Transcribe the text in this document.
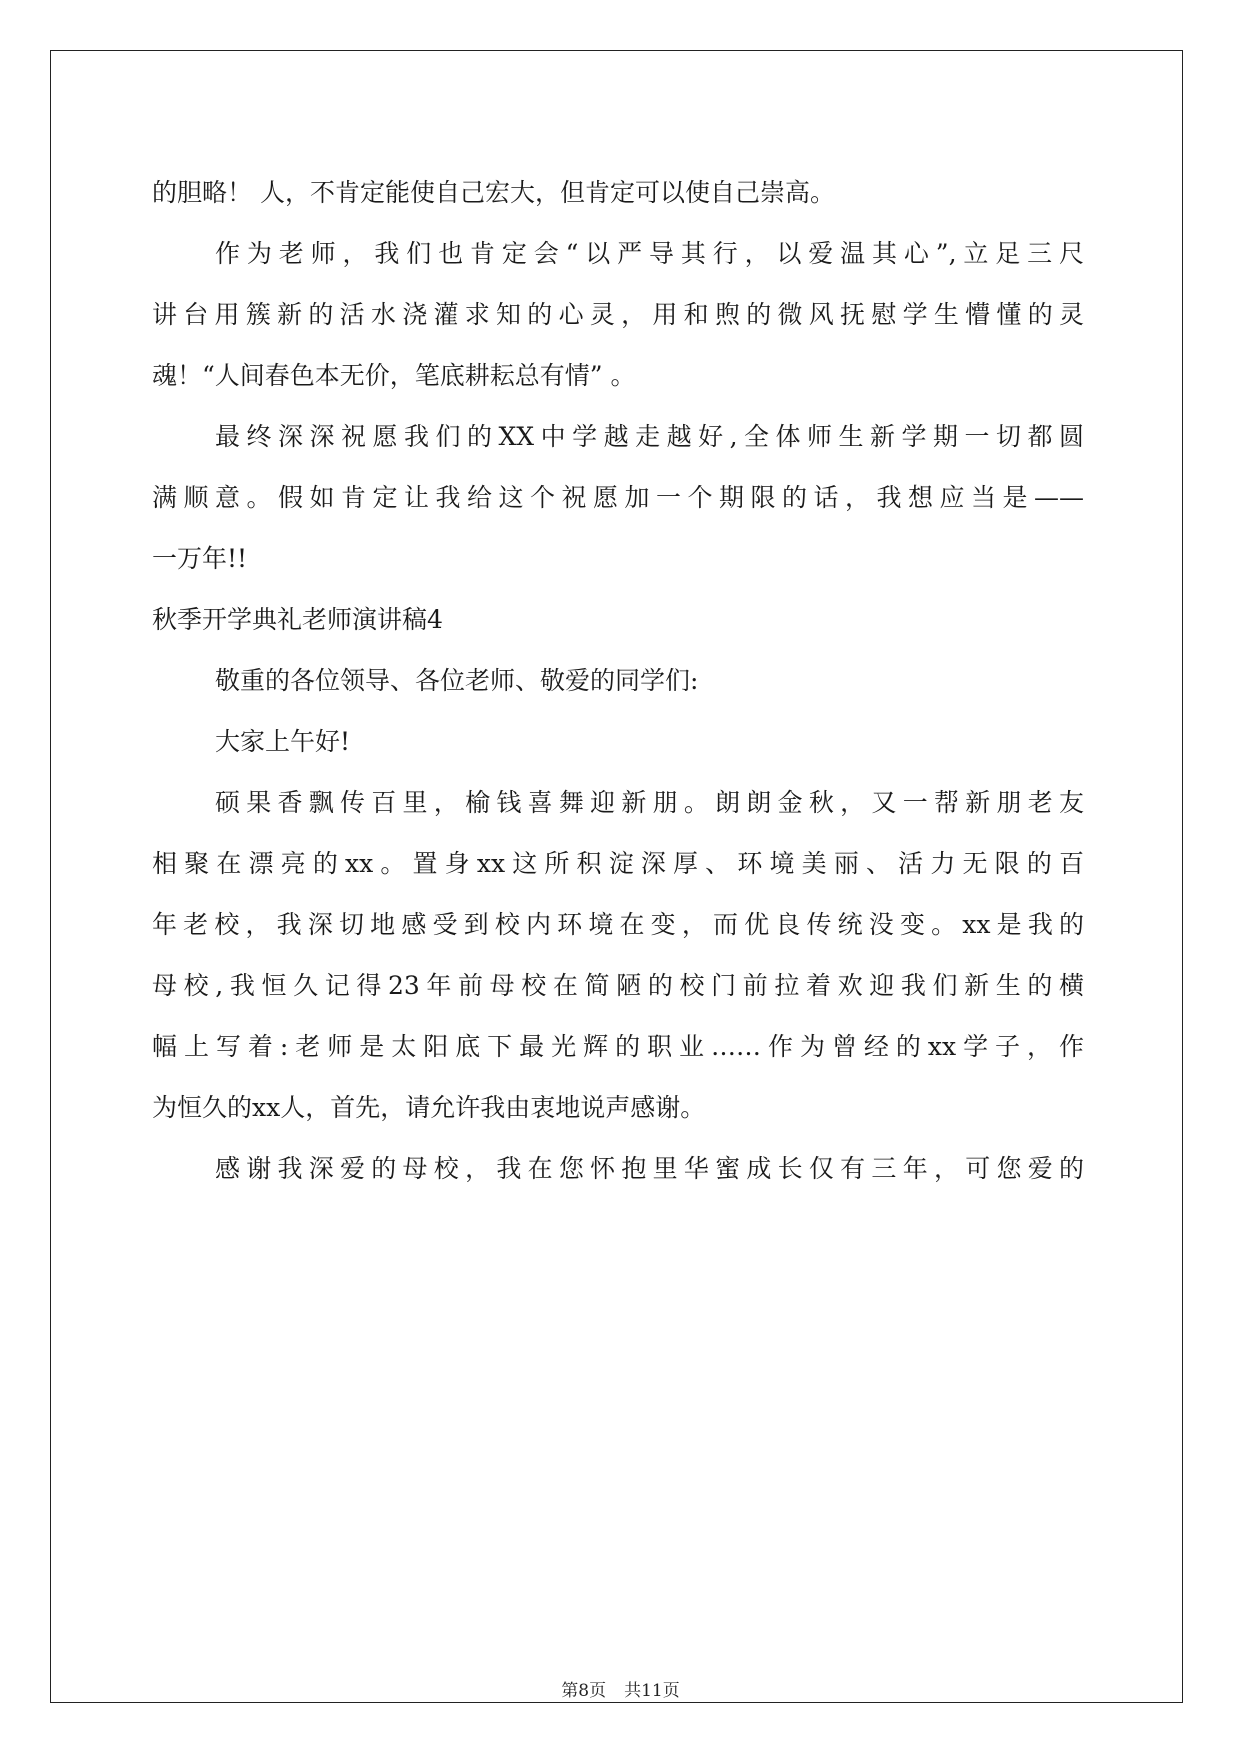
的胆略！ 人，不肯定能使自己宏大，但肯定可以使自己崇高。
作为老师，我们也肯定会“以严导其行，以爱温其心”,立足三尺
讲台用簇新的活水浇灌求知的心灵，用和煦的微风抚慰学生懵懂的灵
魂！“人间春色本无价，笔底耕耘总有情” 。
最终深深祝愿我们的XX中学越走越好,全体师生新学期一切都圆
满顺意。假如肯定让我给这个祝愿加一个期限的话，我想应当是——
一万年!!
秋季开学典礼老师演讲稿4
敬重的各位领导、各位老师、敬爱的同学们:
大家上午好!
硕果香飘传百里，榆钱喜舞迎新朋。朗朗金秋，又一帮新朋老友
相聚在漂亮的xx。置身xx这所积淀深厚、环境美丽、活力无限的百
年老校，我深切地感受到校内环境在变，而优良传统没变。xx是我的
母校,我恒久记得23年前母校在简陋的校门前拉着欢迎我们新生的横
幅上写着:老师是太阳底下最光辉的职业……作为曾经的xx学子，作
为恒久的xx人，首先，请允许我由衷地说声感谢。
感谢我深爱的母校，我在您怀抱里华蜜成长仅有三年，可您爱的
第8页 共11页
